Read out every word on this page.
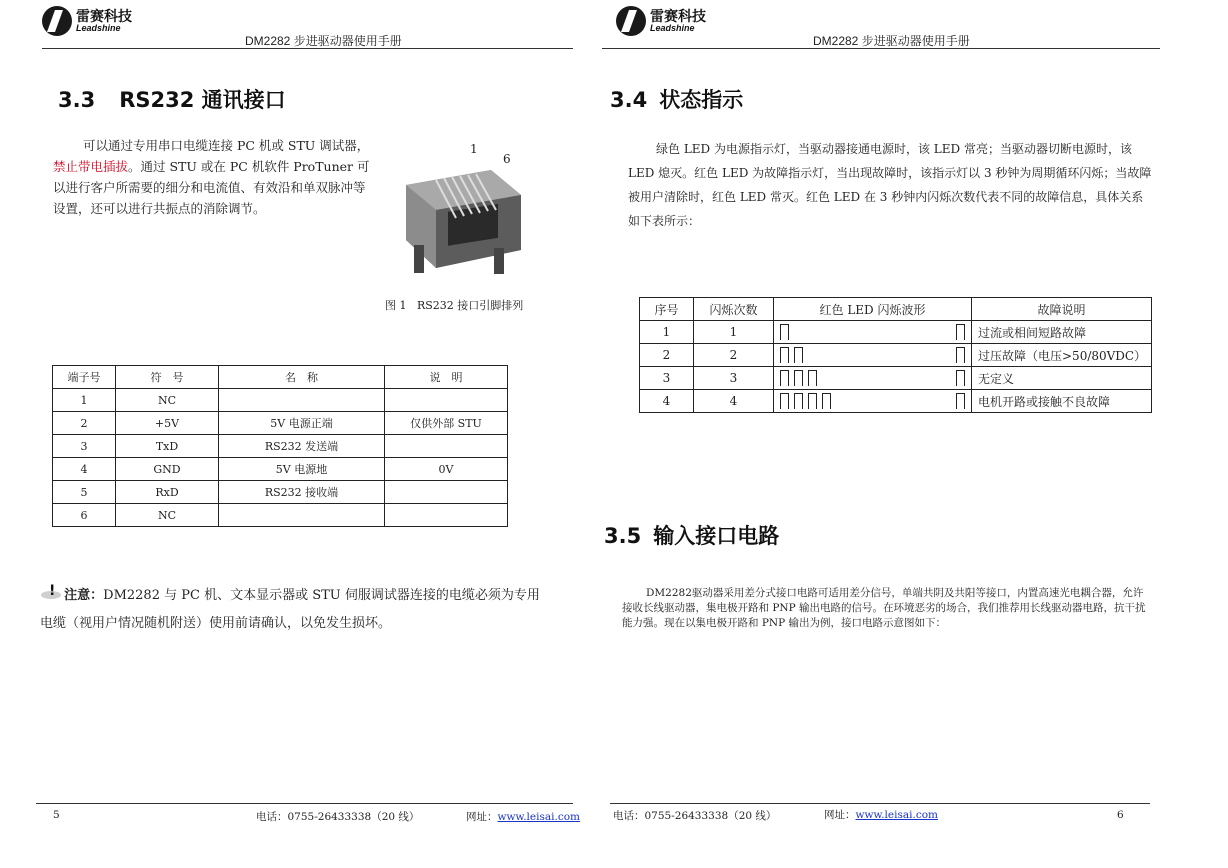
雷赛科技
Leadshine
DM2282 步进驱动器使用手册
雷赛科技
Leadshine
DM2282 步进驱动器使用手册
3.3 RS232 通讯接口
可以通过专用串口电缆连接 PC 机或 STU 调试器，禁止带电插拔。通过 STU 或在 PC 机软件 ProTuner 可以进行客户所需要的细分和电流值、有效沿和单双脉冲等设置，还可以进行共振点的消除调节。
1
6
图 1   RS232 接口引脚排列
端子号	符　号	名　称	说　明
1	NC		
2	+5V	5V 电源正端	仅供外部 STU
3	TxD	RS232 发送端	
4	GND	5V 电源地	0V
5	RxD	RS232 接收端	
6	NC		
! 注意：DM2282 与 PC 机、文本显示器或 STU 伺服调试器连接的电缆必须为专用
电缆（视用户情况随机附送）使用前请确认，以免发生损坏。
5	电话：0755-26433338（20 线）	网址：www.leisai.com
3.4 状态指示
绿色 LED 为电源指示灯，当驱动器接通电源时，该 LED 常亮；当驱动器切断电源时，该 LED 熄灭。红色 LED 为故障指示灯，当出现故障时，该指示灯以 3 秒钟为周期循环闪烁；当故障被用户清除时，红色 LED 常灭。红色 LED 在 3 秒钟内闪烁次数代表不同的故障信息，具体关系如下表所示：
序号	闪烁次数	红色 LED 闪烁波形	故障说明
1	1		过流或相间短路故障
2	2		过压故障（电压>50/80VDC）
3	3		无定义
4	4		电机开路或接触不良故障
3.5 输入接口电路
DM2282驱动器采用差分式接口电路可适用差分信号，单端共阴及共阳等接口，内置高速光电耦合器，允许接收长线驱动器，集电极开路和 PNP 输出电路的信号。在环境恶劣的场合，我们推荐用长线驱动器电路，抗干扰能力强。现在以集电极开路和 PNP 输出为例，接口电路示意图如下：
电话：0755-26433338（20 线）	网址：www.leisai.com	6
